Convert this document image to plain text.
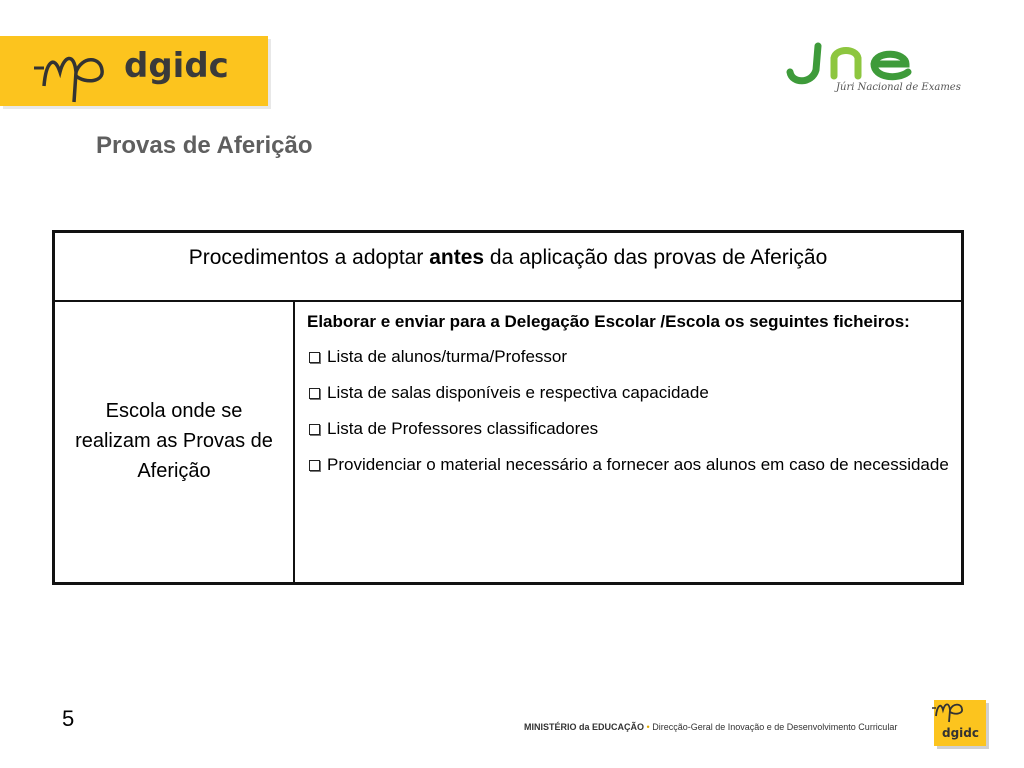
dgidc
Júri Nacional de Exames
Provas de Aferição
Procedimentos a adoptar antes da aplicação das provas de Aferição
Escola onde se realizam as Provas de Aferição

Elaborar e enviar para a Delegação Escolar /Escola os seguintes ficheiros:

Lista de alunos/turma/Professor
Lista de salas disponíveis e respectiva capacidade
Lista de Professores classificadores
Providenciar o material necessário a fornecer aos alunos em caso de necessidade
5	MINISTÉRIO da EDUCAÇÃO • Direcção-Geral de Inovação e de Desenvolvimento Curricular	dgidc
